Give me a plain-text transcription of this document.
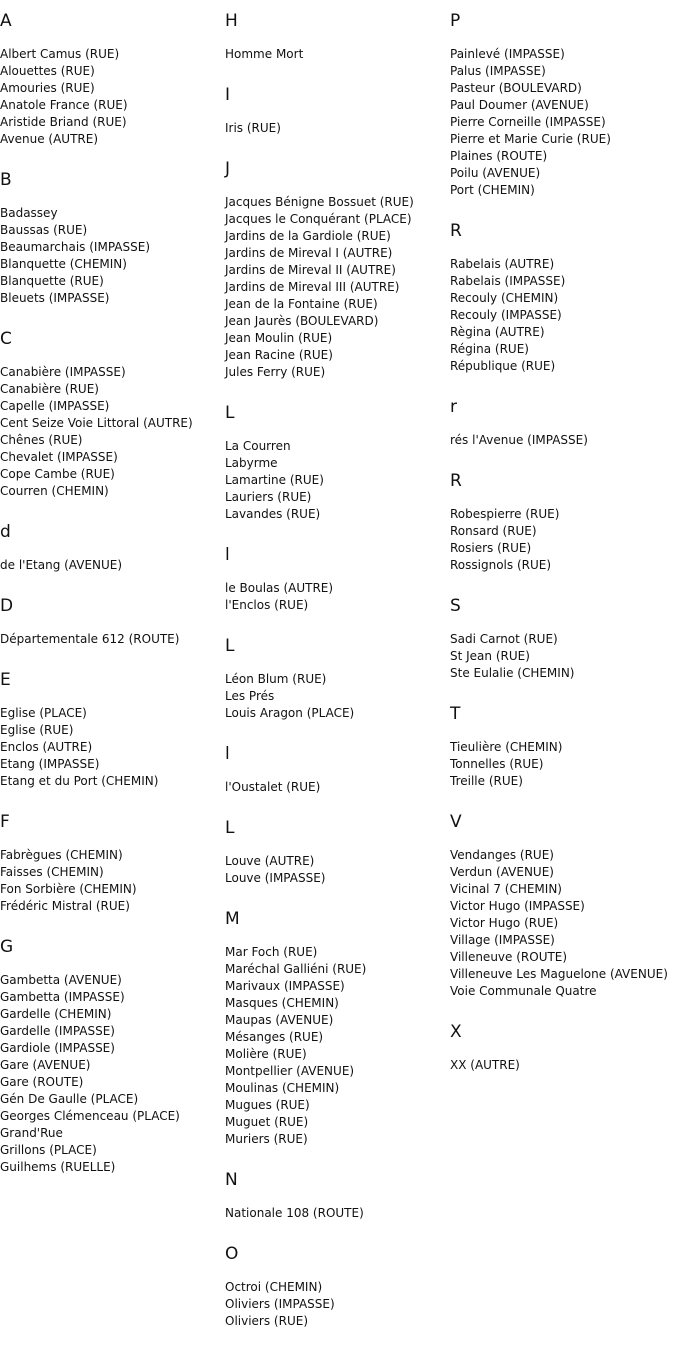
A
Albert Camus (RUE)
Alouettes (RUE)
Amouries (RUE)
Anatole France (RUE)
Aristide Briand (RUE)
Avenue (AUTRE)
B
Badassey
Baussas (RUE)
Beaumarchais (IMPASSE)
Blanquette (CHEMIN)
Blanquette (RUE)
Bleuets (IMPASSE)
C
Canabière (IMPASSE)
Canabière (RUE)
Capelle (IMPASSE)
Cent Seize Voie Littoral (AUTRE)
Chênes (RUE)
Chevalet (IMPASSE)
Cope Cambe (RUE)
Courren (CHEMIN)
d
de l'Etang (AVENUE)
D
Départementale 612 (ROUTE)
E
Eglise (PLACE)
Eglise (RUE)
Enclos (AUTRE)
Etang (IMPASSE)
Etang et du Port (CHEMIN)
F
Fabrègues (CHEMIN)
Faisses (CHEMIN)
Fon Sorbière (CHEMIN)
Frédéric Mistral (RUE)
G
Gambetta (AVENUE)
Gambetta (IMPASSE)
Gardelle (CHEMIN)
Gardelle (IMPASSE)
Gardiole (IMPASSE)
Gare (AVENUE)
Gare (ROUTE)
Gén De Gaulle (PLACE)
Georges Clémenceau (PLACE)
Grand'Rue
Grillons (PLACE)
Guilhems (RUELLE)
H
Homme Mort
I
Iris (RUE)
J
Jacques Bénigne Bossuet (RUE)
Jacques le Conquérant (PLACE)
Jardins de la Gardiole (RUE)
Jardins de Mireval I (AUTRE)
Jardins de Mireval II (AUTRE)
Jardins de Mireval III (AUTRE)
Jean de la Fontaine (RUE)
Jean Jaurès (BOULEVARD)
Jean Moulin (RUE)
Jean Racine (RUE)
Jules Ferry (RUE)
L
La Courren
Labyrme
Lamartine (RUE)
Lauriers (RUE)
Lavandes (RUE)
l
le Boulas (AUTRE)
l'Enclos (RUE)
L
Léon Blum (RUE)
Les Prés
Louis Aragon (PLACE)
l
l'Oustalet (RUE)
L
Louve (AUTRE)
Louve (IMPASSE)
M
Mar Foch (RUE)
Maréchal Galliéni (RUE)
Marivaux (IMPASSE)
Masques (CHEMIN)
Maupas (AVENUE)
Mésanges (RUE)
Molière (RUE)
Montpellier (AVENUE)
Moulinas (CHEMIN)
Mugues (RUE)
Muguet (RUE)
Muriers (RUE)
N
Nationale 108 (ROUTE)
O
Octroi (CHEMIN)
Oliviers (IMPASSE)
Oliviers (RUE)
P
Painlevé (IMPASSE)
Palus (IMPASSE)
Pasteur (BOULEVARD)
Paul Doumer (AVENUE)
Pierre Corneille (IMPASSE)
Pierre et Marie Curie (RUE)
Plaines (ROUTE)
Poilu (AVENUE)
Port (CHEMIN)
R
Rabelais (AUTRE)
Rabelais (IMPASSE)
Recouly (CHEMIN)
Recouly (IMPASSE)
Règina (AUTRE)
Régina (RUE)
République (RUE)
r
rés l'Avenue (IMPASSE)
R
Robespierre (RUE)
Ronsard (RUE)
Rosiers (RUE)
Rossignols (RUE)
S
Sadi Carnot (RUE)
St Jean (RUE)
Ste Eulalie (CHEMIN)
T
Tieulière (CHEMIN)
Tonnelles (RUE)
Treille (RUE)
V
Vendanges (RUE)
Verdun (AVENUE)
Vicinal 7 (CHEMIN)
Victor Hugo (IMPASSE)
Victor Hugo (RUE)
Village (IMPASSE)
Villeneuve (ROUTE)
Villeneuve Les Maguelone (AVENUE)
Voie Communale Quatre
X
XX (AUTRE)
